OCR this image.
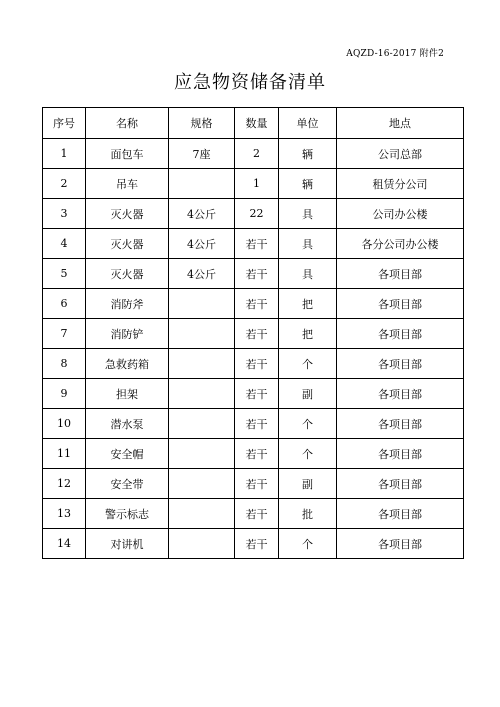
AQZD-16-2017 附件2
应急物资储备清单
序号	名称	规格	数量	单位	地点
1	面包车	7座	2	辆	公司总部
2	吊车		1	辆	租赁分公司
3	灭火器	4公斤	22	具	公司办公楼
4	灭火器	4公斤	若干	具	各分公司办公楼
5	灭火器	4公斤	若干	具	各项目部
6	消防斧		若干	把	各项目部
7	消防铲		若干	把	各项目部
8	急救药箱		若干	个	各项目部
9	担架		若干	副	各项目部
10	潜水泵		若干	个	各项目部
11	安全帽		若干	个	各项目部
12	安全带		若干	副	各项目部
13	警示标志		若干	批	各项目部
14	对讲机		若干	个	各项目部
